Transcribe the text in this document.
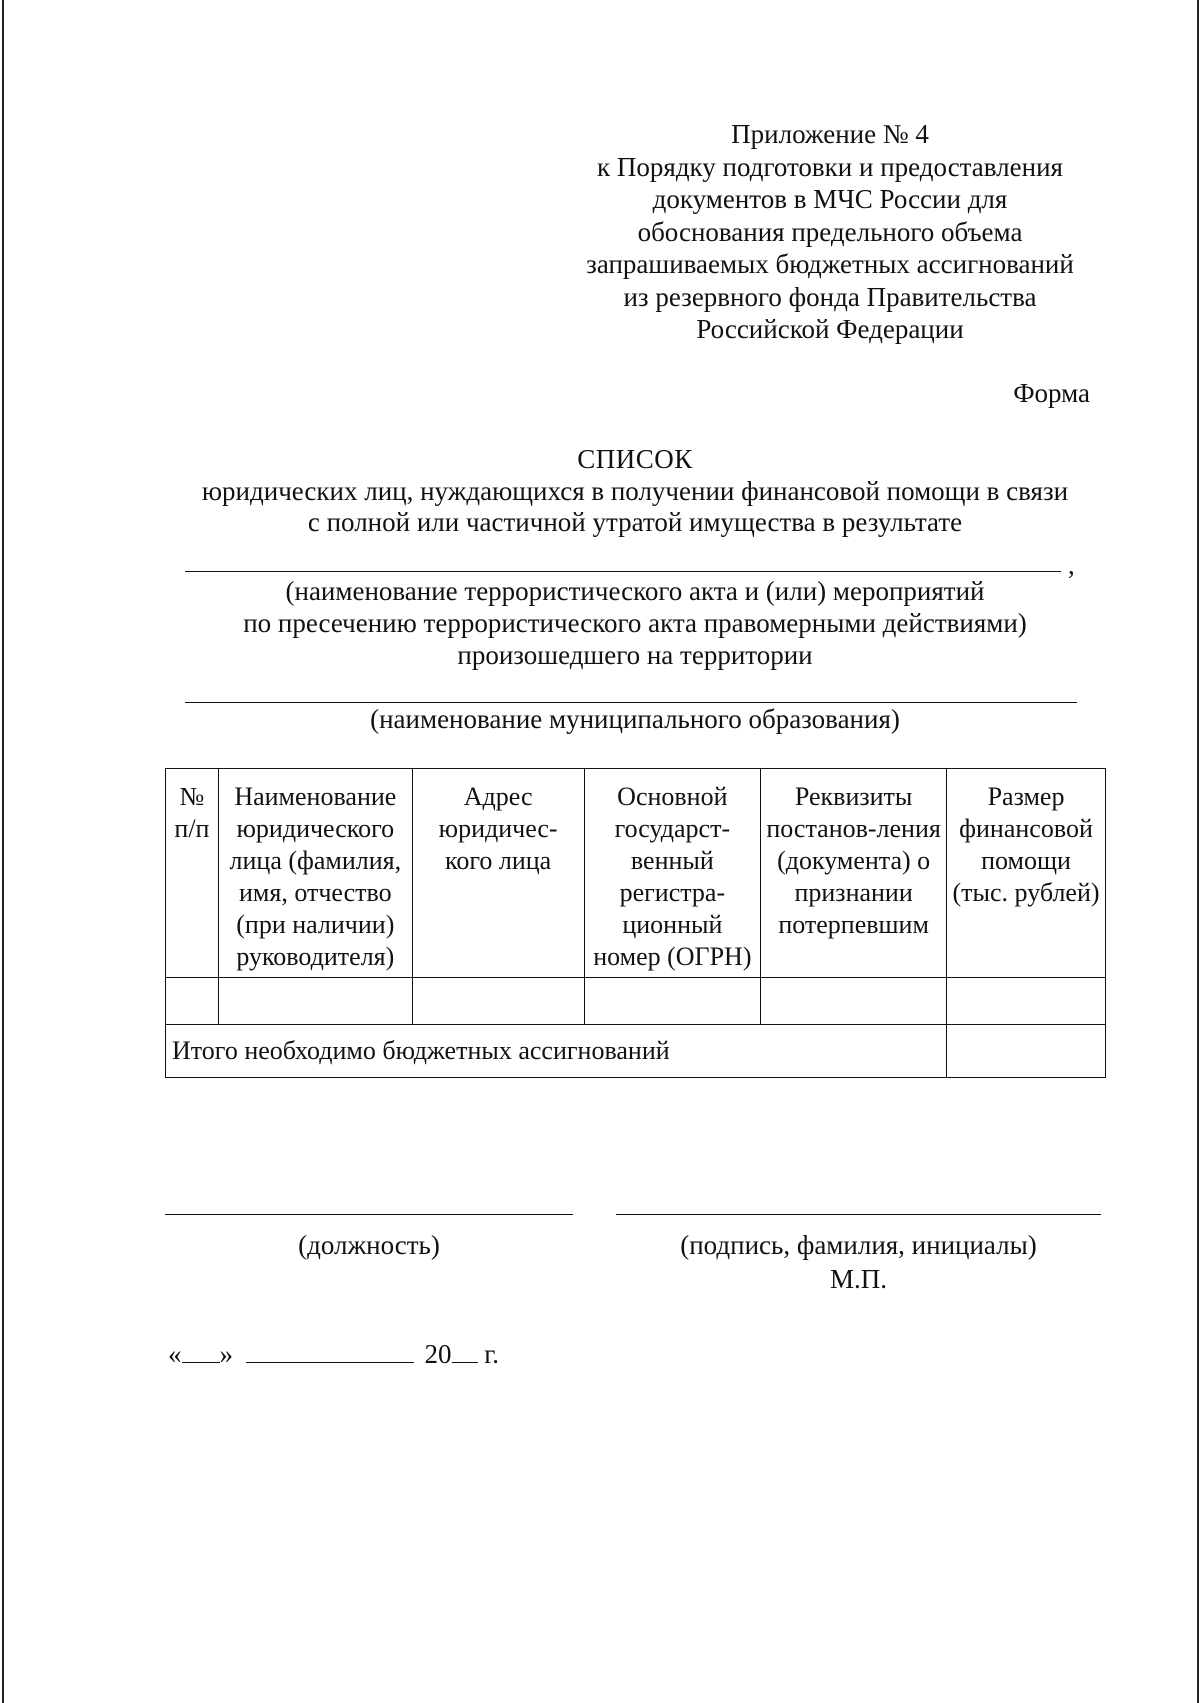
Приложение № 4
к Порядку подготовки и предоставления
документов в МЧС России для
обоснования предельного объема
запрашиваемых бюджетных ассигнований
из резервного фонда Правительства
Российской Федерации
Форма
СПИСОК
юридических лиц, нуждающихся в получении финансовой помощи в связи
с полной или частичной утратой имущества в результате
,
(наименование террористического акта и (или) мероприятий
по пресечению террористического акта правомерными действиями)
произошедшего на территории
(наименование муниципального образования)
№ п/п	Наименование юридического лица (фамилия, имя, отчество (при наличии) руководителя)	Адрес юридичес-кого лица	Основной государст-венный регистра-ционный номер (ОГРН)	Реквизиты постанов-ления (документа) о признании потерпевшим	Размер финансовой помощи (тыс. рублей)

Итого необходимо бюджетных ассигнований					
(должность)	(подпись, фамилия, инициалы)
М.П.
« »	20 г.
